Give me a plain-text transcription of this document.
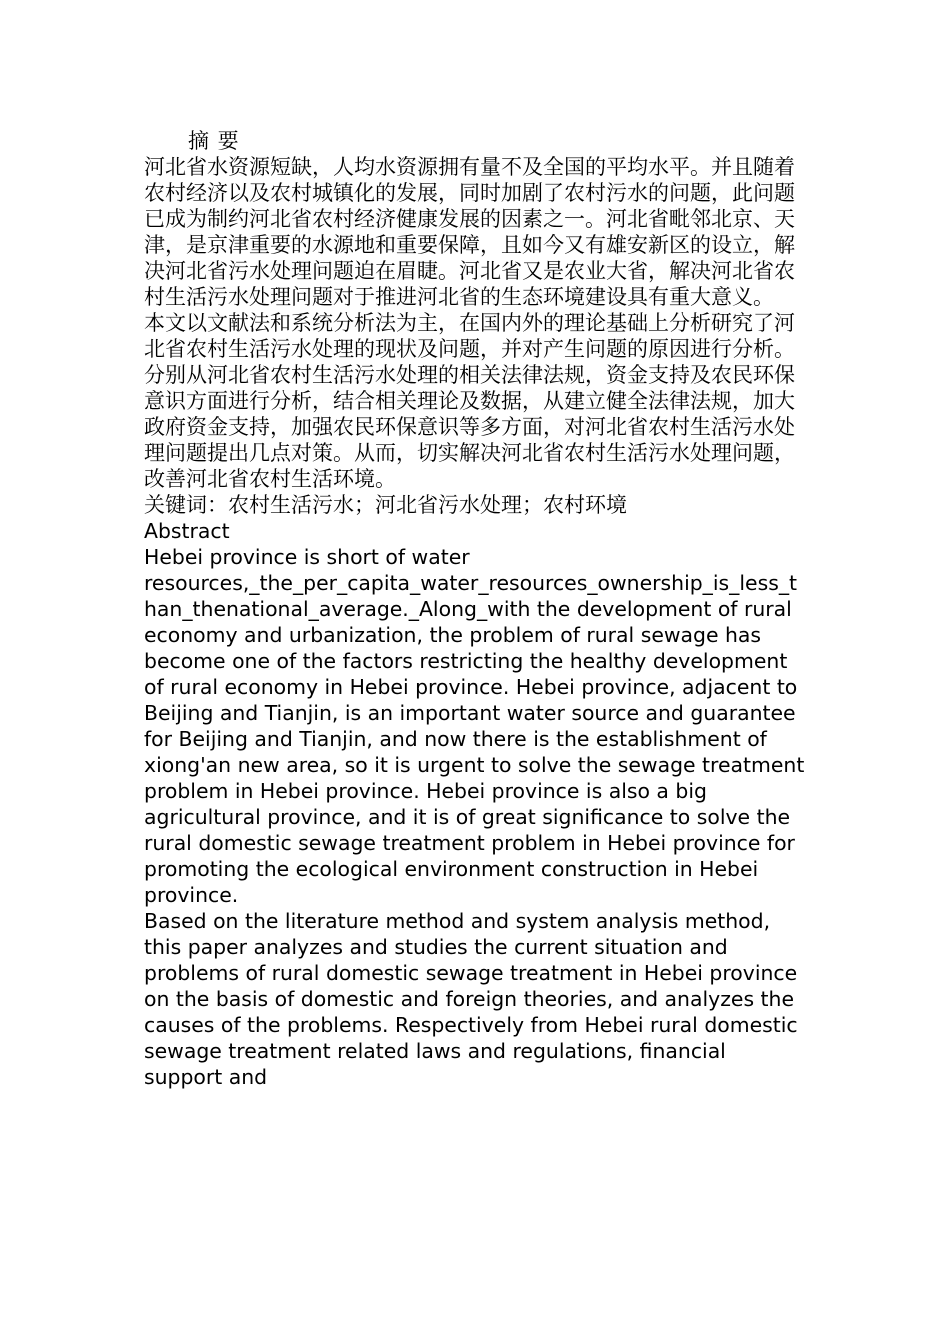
摘 要

河北省水资源短缺，人均水资源拥有量不及全国的平均水平。并且随着农村经济以及农村城镇化的发展，同时加剧了农村污水的问题，此问题已成为制约河北省农村经济健康发展的因素之一。河北省毗邻北京、天津，是京津重要的水源地和重要保障，且如今又有雄安新区的设立，解决河北省污水处理问题迫在眉睫。河北省又是农业大省，解决河北省农村生活污水处理问题对于推进河北省的生态环境建设具有重大意义。

本文以文献法和系统分析法为主，在国内外的理论基础上分析研究了河北省农村生活污水处理的现状及问题，并对产生问题的原因进行分析。分别从河北省农村生活污水处理的相关法律法规，资金支持及农民环保意识方面进行分析，结合相关理论及数据，从建立健全法律法规，加大政府资金支持，加强农民环保意识等多方面，对河北省农村生活污水处理问题提出几点对策。从而，切实解决河北省农村生活污水处理问题，改善河北省农村生活环境。

关键词：农村生活污水；河北省污水处理；农村环境

Abstract

Hebei province is short of water resources,_the_per_capita_water_resources_ownership_is_less_than_thenational_average._Along_with the development of rural economy and urbanization, the problem of rural sewage has become one of the factors restricting the healthy development of rural economy in Hebei province. Hebei province, adjacent to Beijing and Tianjin, is an important water source and guarantee for Beijing and Tianjin, and now there is the establishment of xiong'an new area, so it is urgent to solve the sewage treatment problem in Hebei province. Hebei province is also a big agricultural province, and it is of great significance to solve the rural domestic sewage treatment problem in Hebei province for promoting the ecological environment construction in Hebei province.

Based on the literature method and system analysis method, this paper analyzes and studies the current situation and problems of rural domestic sewage treatment in Hebei province on the basis of domestic and foreign theories, and analyzes the causes of the problems. Respectively from Hebei rural domestic sewage treatment related laws and regulations, financial support and
